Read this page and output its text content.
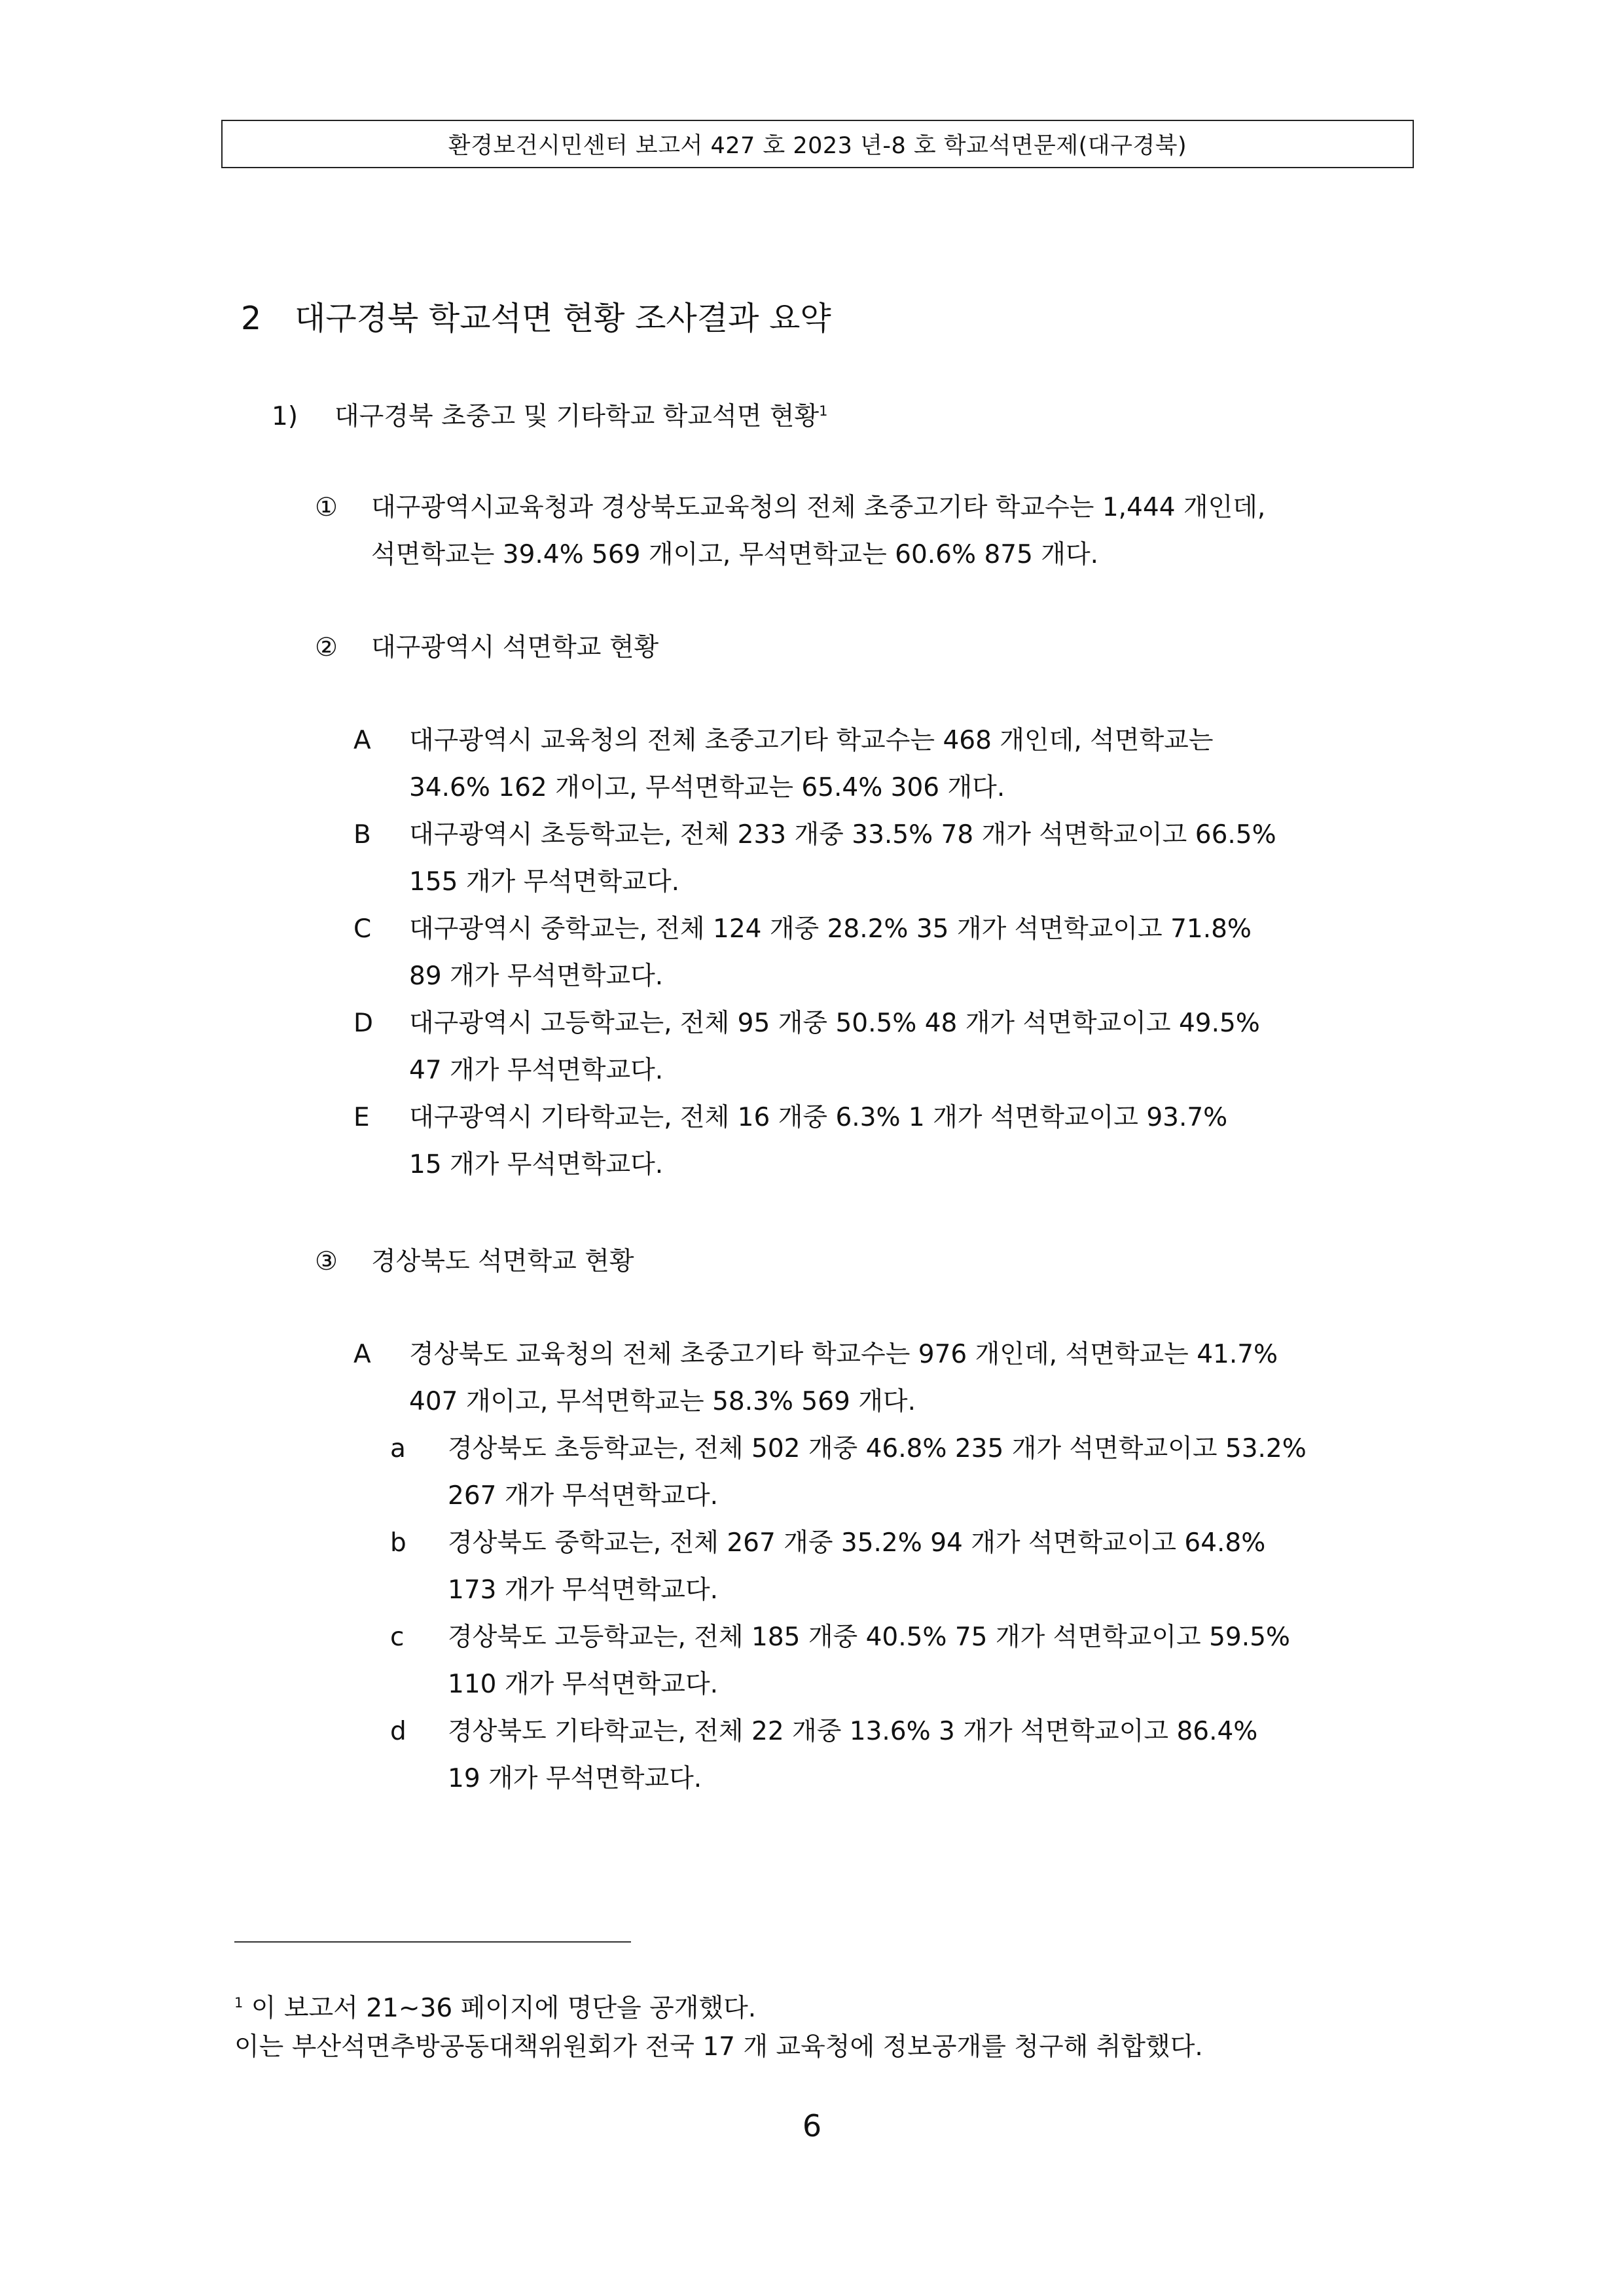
환경보건시민센터 보고서 427 호 2023 년-8 호 학교석면문제(대구경북)
2 대구경북 학교석면 현황 조사결과 요약
1) 대구경북 초중고 및 기타학교 학교석면 현황$^1$
① 대구광역시교육청과 경상북도교육청의 전체 초중고기타 학교수는 1,444 개인데,
석면학교는 39.4% 569 개이고, 무석면학교는 60.6% 875 개다.
② 대구광역시 석면학교 현황
A 대구광역시 교육청의 전체 초중고기타 학교수는 468 개인데, 석면학교는
34.6% 162 개이고, 무석면학교는 65.4% 306 개다.
B 대구광역시 초등학교는, 전체 233 개중 33.5% 78 개가 석면학교이고 66.5%
155 개가 무석면학교다.
C 대구광역시 중학교는, 전체 124 개중 28.2% 35 개가 석면학교이고 71.8%
89 개가 무석면학교다.
D 대구광역시 고등학교는, 전체 95 개중 50.5% 48 개가 석면학교이고 49.5%
47 개가 무석면학교다.
E 대구광역시 기타학교는, 전체 16 개중 6.3% 1 개가 석면학교이고 93.7%
15 개가 무석면학교다.
③ 경상북도 석면학교 현황
A 경상북도 교육청의 전체 초중고기타 학교수는 976 개인데, 석면학교는 41.7%
407 개이고, 무석면학교는 58.3% 569 개다.
a 경상북도 초등학교는, 전체 502 개중 46.8% 235 개가 석면학교이고 53.2%
267 개가 무석면학교다.
b 경상북도 중학교는, 전체 267 개중 35.2% 94 개가 석면학교이고 64.8%
173 개가 무석면학교다.
c 경상북도 고등학교는, 전체 185 개중 40.5% 75 개가 석면학교이고 59.5%
110 개가 무석면학교다.
d 경상북도 기타학교는, 전체 22 개중 13.6% 3 개가 석면학교이고 86.4%
19 개가 무석면학교다.
$^1$ 이 보고서 21~36 페이지에 명단을 공개했다.
이는 부산석면추방공동대책위원회가 전국 17 개 교육청에 정보공개를 청구해 취합했다.
6
